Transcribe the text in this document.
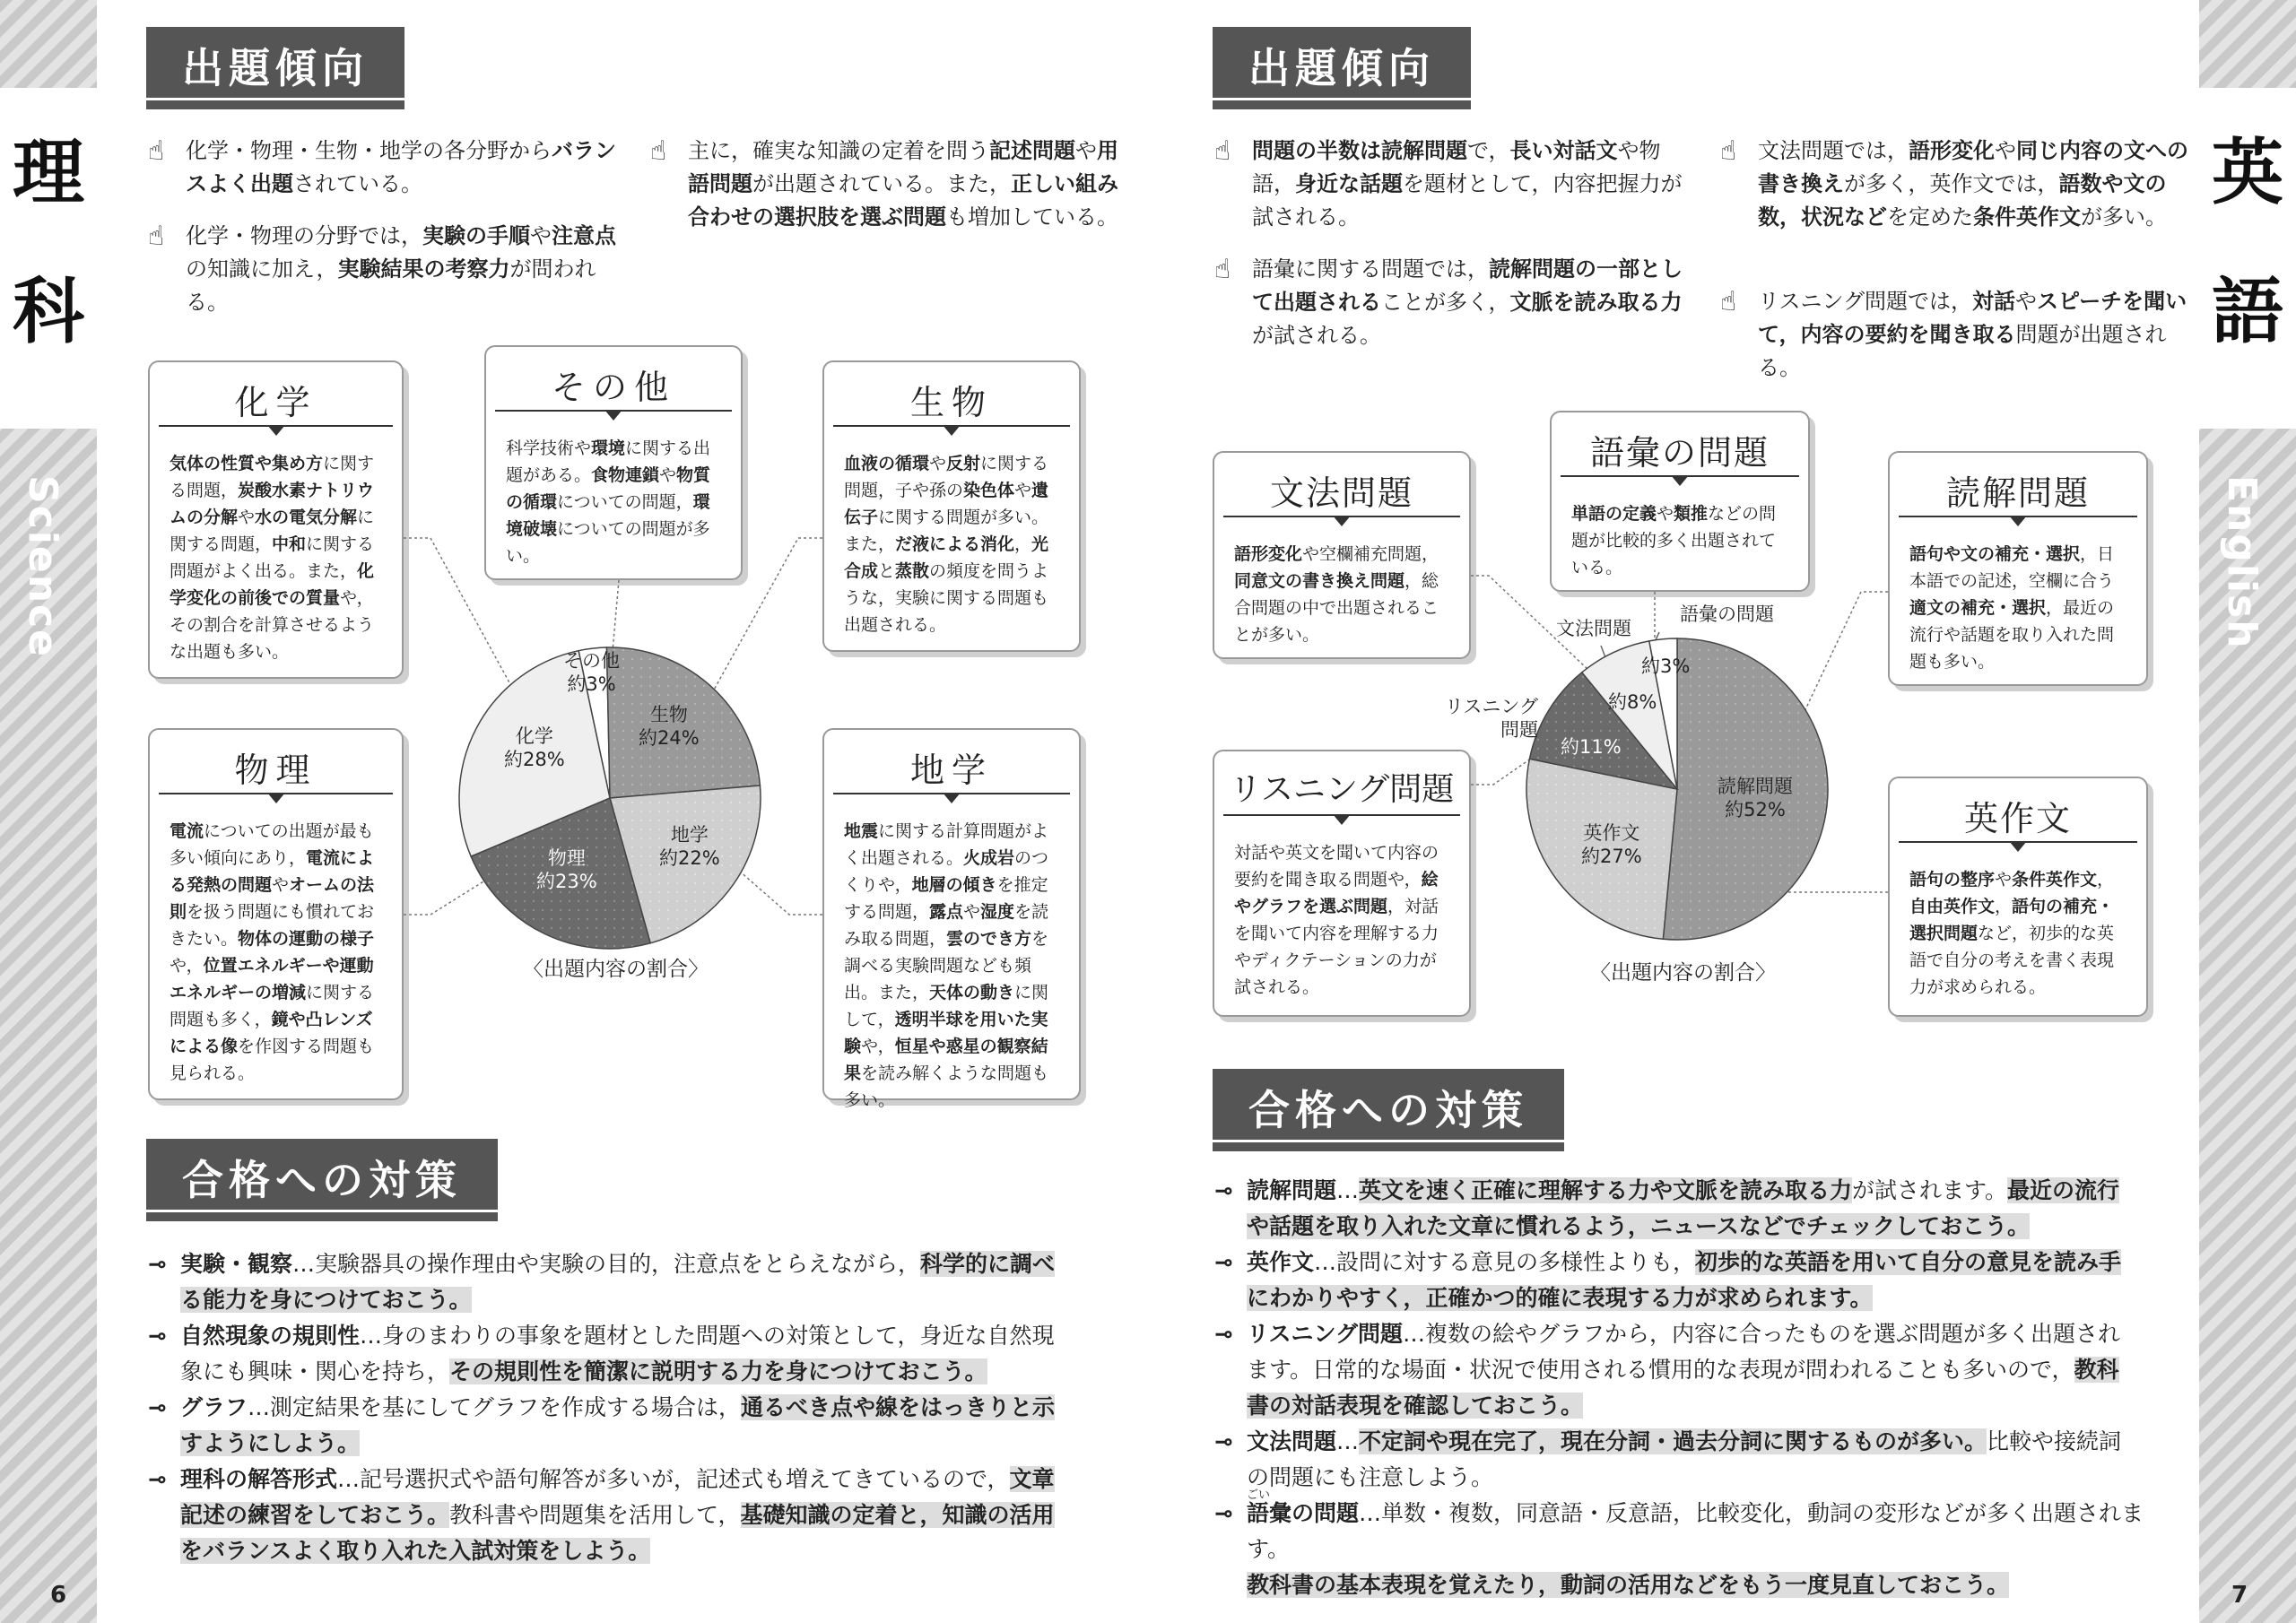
理
科
Science
英
語
English
出題傾向
☝ 化学・物理・生物・地学の各分野からバランスよく出題されている。
☝ 化学・物理の分野では，実験の手順や注意点の知識に加え，実験結果の考察力が問われる。
☝ 主に，確実な知識の定着を問う記述問題や用語問題が出題されている。また，正しい組み合わせの選択肢を選ぶ問題も増加している。
化学
気体の性質や集め方に関する問題，炭酸水素ナトリウムの分解や水の電気分解に関する問題，中和に関する問題がよく出る。また，化学変化の前後での質量や，その割合を計算させるような出題も多い。
その他
科学技術や環境に関する出題がある。食物連鎖や物質の循環についての問題，環境破壊についての問題が多い。
生物
血液の循環や反射に関する問題，子や孫の染色体や遺伝子に関する問題が多い。また，だ液による消化，光合成と蒸散の頻度を問うような，実験に関する問題も出題される。
物理
電流についての出題が最も多い傾向にあり，電流による発熱の問題やオームの法則を扱う問題にも慣れておきたい。物体の運動の様子や，位置エネルギーや運動エネルギーの増減に関する問題も多く，鏡や凸レンズによる像を作図する問題も見られる。
地学
地震に関する計算問題がよく出題される。火成岩のつくりや，地層の傾きを推定する問題，露点や湿度を読み取る問題，雲のでき方を調べる実験問題なども頻出。また，天体の動きに関して，透明半球を用いた実験や，恒星や惑星の観察結果を読み解くような問題も多い。
その他
約3%
生物
約24%
地学
約22%
物理
約23%
化学
約28%
〈出題内容の割合〉
合格への対策
⊸ 実験・観察…実験器具の操作理由や実験の目的，注意点をとらえながら，科学的に調べ
る能力を身につけておこう。
⊸ 自然現象の規則性…身のまわりの事象を題材とした問題への対策として，身近な自然現
象にも興味・関心を持ち，その規則性を簡潔に説明する力を身につけておこう。
⊸ グラフ…測定結果を基にしてグラフを作成する場合は，通るべき点や線をはっきりと示
すようにしよう。
⊸ 理科の解答形式…記号選択式や語句解答が多いが，記述式も増えてきているので，文章
記述の練習をしておこう。教科書や問題集を活用して，基礎知識の定着と，知識の活用
をバランスよく取り入れた入試対策をしよう。
6
出題傾向
☝ 問題の半数は読解問題で，長い対話文や物語，身近な話題を題材として，内容把握力が試される。
☝ 語彙に関する問題では，読解問題の一部として出題されることが多く，文脈を読み取る力が試される。
☝ 文法問題では，語形変化や同じ内容の文への書き換えが多く，英作文では，語数や文の数，状況などを定めた条件英作文が多い。
☝ リスニング問題では，対話やスピーチを聞いて，内容の要約を聞き取る問題が出題される。
文法問題
語形変化や空欄補充問題，同意文の書き換え問題，総合問題の中で出題されることが多い。
語彙の問題
単語の定義や類推などの問題が比較的多く出題されている。
読解問題
語句や文の補充・選択，日本語での記述，空欄に合う適文の補充・選択，最近の流行や話題を取り入れた問題も多い。
リスニング問題
対話や英文を聞いて内容の要約を聞き取る問題や，絵やグラフを選ぶ問題，対話を聞いて内容を理解する力やディクテーションの力が試される。
英作文
語句の整序や条件英作文，自由英作文，語句の補充・選択問題など，初歩的な英語で自分の考えを書く表現力が求められる。
語彙の問題
文法問題
リスニング
問題
約3%
約8%
約11%
読解問題
約52%
英作文
約27%
〈出題内容の割合〉
合格への対策
⊸ 読解問題…英文を速く正確に理解する力や文脈を読み取る力が試されます。最近の流行
や話題を取り入れた文章に慣れるよう，ニュースなどでチェックしておこう。
⊸ 英作文…設問に対する意見の多様性よりも，初歩的な英語を用いて自分の意見を読み手
にわかりやすく，正確かつ的確に表現する力が求められます。
⊸ リスニング問題…複数の絵やグラフから，内容に合ったものを選ぶ問題が多く出題され
ます。日常的な場面・状況で使用される慣用的な表現が問われることも多いので，教科
書の対話表現を確認しておこう。
⊸ 文法問題…不定詞や現在完了，現在分詞・過去分詞に関するものが多い。比較や接続詞
の問題にも注意しよう。
⊸ 語彙の問題…単数・複数，同意語・反意語，比較変化，動詞の変形などが多く出題されます。
教科書の基本表現を覚えたり，動詞の活用などをもう一度見直しておこう。
ごい
7
